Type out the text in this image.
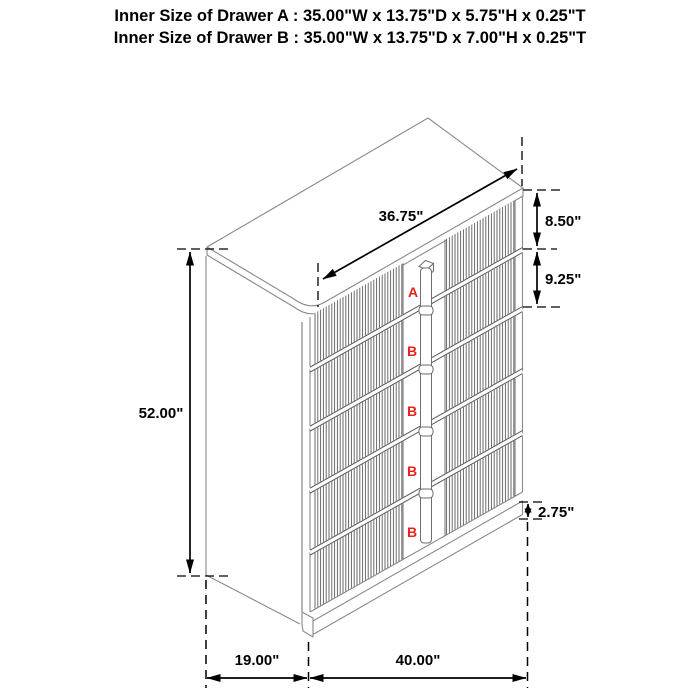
Inner Size of Drawer A : 35.00"W x 13.75"D x 5.75"H x 0.25"T
Inner Size of Drawer B : 35.00"W x 13.75"D x 7.00"H x 0.25"T
A
B
B
B
B
36.75"
52.00"
8.50"
9.25"
2.75"
19.00"	40.00"
